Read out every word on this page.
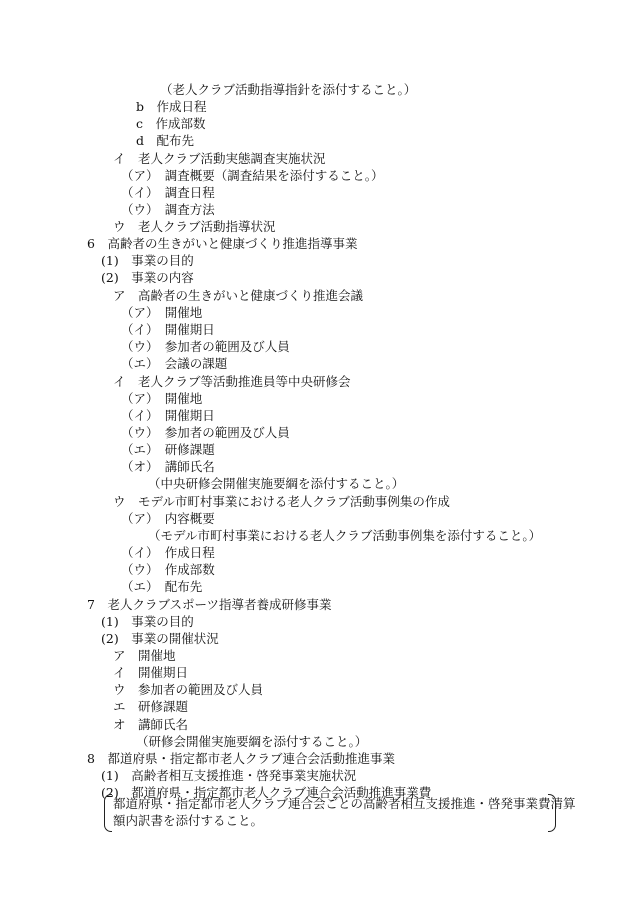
（老人クラブ活動指導指針を添付すること。）
b　作成日程
c　作成部数
d　配布先
イ　老人クラブ活動実態調査実施状況
（ア）　調査概要（調査結果を添付すること。）
（イ）　調査日程
（ウ）　調査方法
ウ　老人クラブ活動指導状況
6　高齢者の生きがいと健康づくり推進指導事業
(1)　事業の目的
(2)　事業の内容
ア　高齢者の生きがいと健康づくり推進会議
（ア）　開催地
（イ）　開催期日
（ウ）　参加者の範囲及び人員
（エ）　会議の課題
イ　老人クラブ等活動推進員等中央研修会
（ア）　開催地
（イ）　開催期日
（ウ）　参加者の範囲及び人員
（エ）　研修課題
（オ）　講師氏名
（中央研修会開催実施要綱を添付すること。）
ウ　モデル市町村事業における老人クラブ活動事例集の作成
（ア）　内容概要
（モデル市町村事業における老人クラブ活動事例集を添付すること。）
（イ）　作成日程
（ウ）　作成部数
（エ）　配布先
7　老人クラブスポーツ指導者養成研修事業
(1)　事業の目的
(2)　事業の開催状況
ア　開催地
イ　開催期日
ウ　参加者の範囲及び人員
エ　研修課題
オ　講師氏名
（研修会開催実施要綱を添付すること。）
8　都道府県・指定都市老人クラブ連合会活動推進事業
(1)　高齢者相互支援推進・啓発事業実施状況
(2)　都道府県・指定都市老人クラブ連合会活動推進事業費
都道府県・指定都市老人クラブ連合会ごとの高齢者相互支援推進・啓発事業費清算
額内訳書を添付すること。
